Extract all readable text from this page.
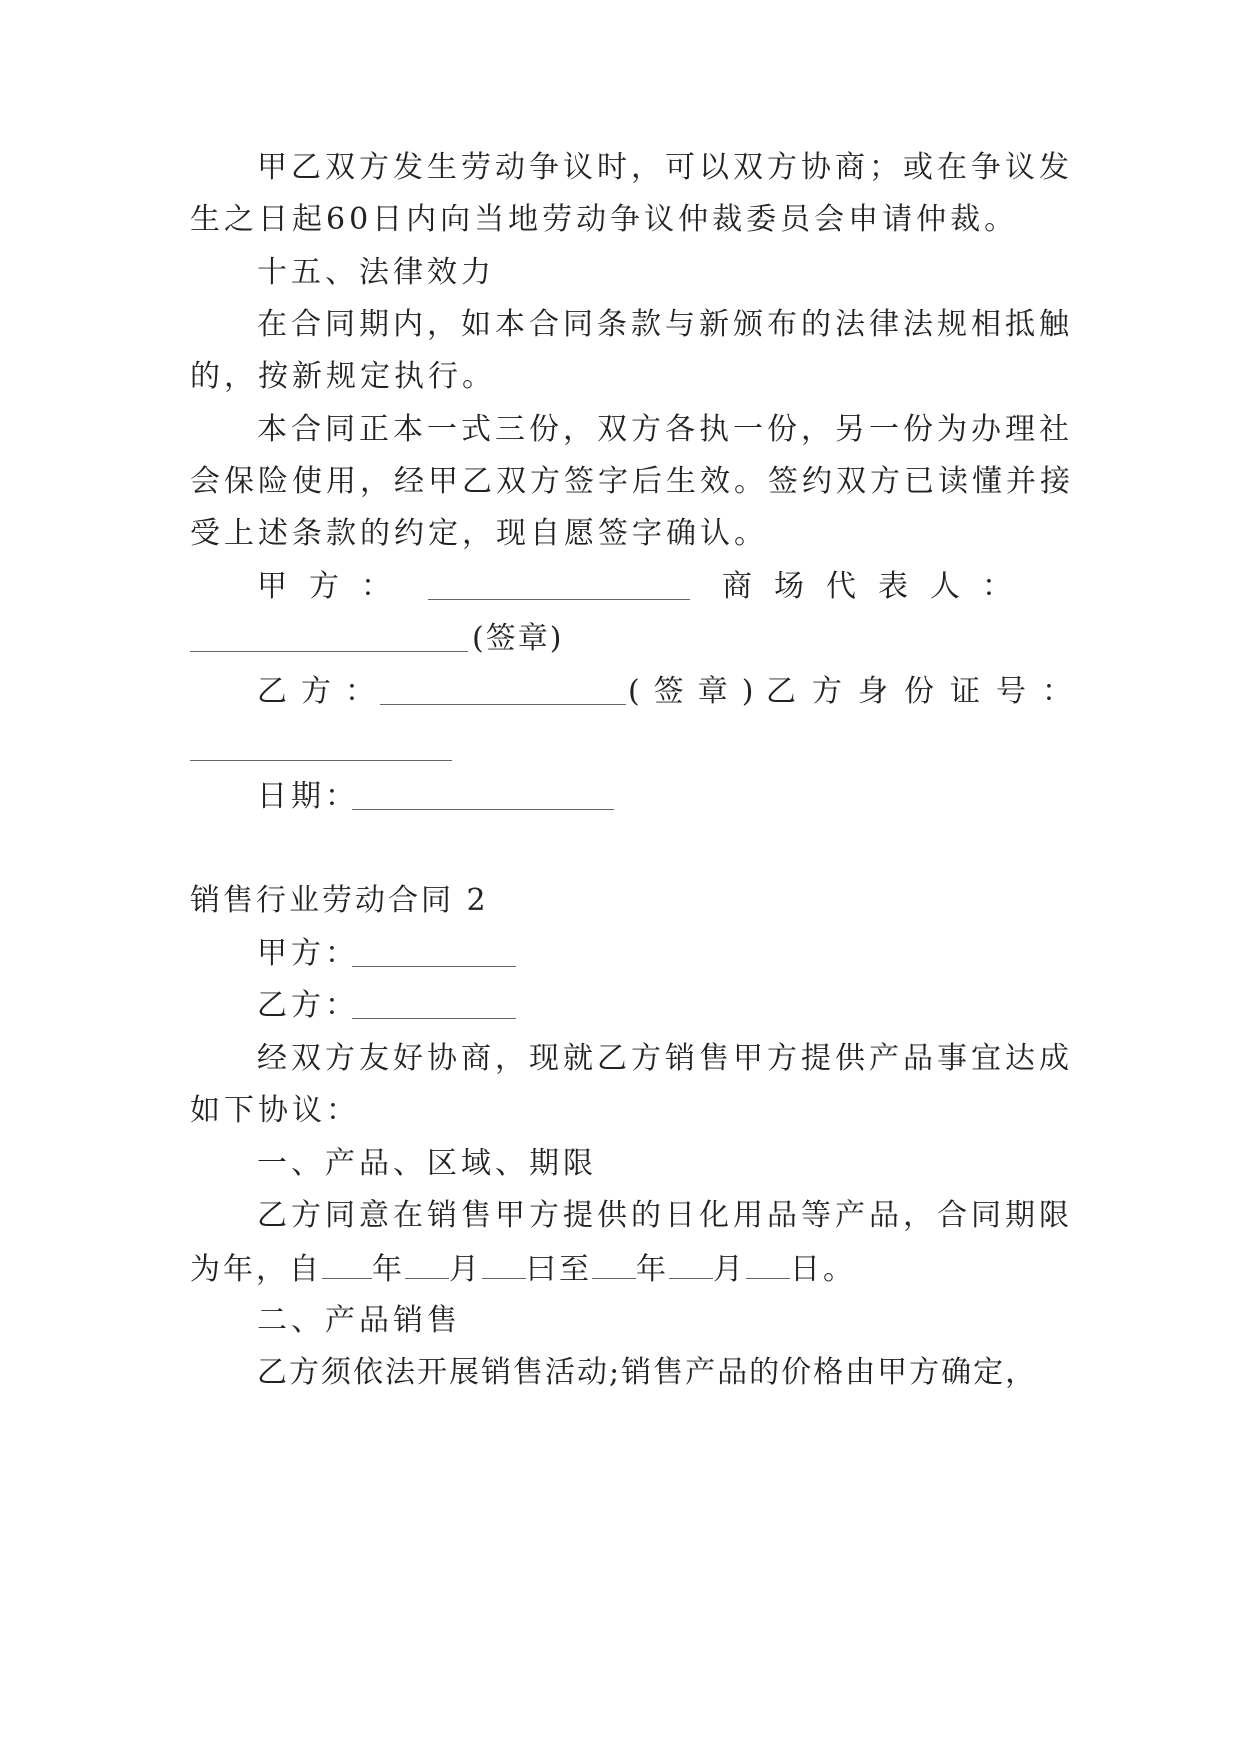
甲乙双方发生劳动争议时，可以双方协商；或在争议发
生之日起60日内向当地劳动争议仲裁委员会申请仲裁。
十五、法律效力
在合同期内，如本合同条款与新颁布的法律法规相抵触
的，按新规定执行。
本合同正本一式三份，双方各执一份，另一份为办理社
会保险使用，经甲乙双方签字后生效。签约双方已读懂并接
受上述条款的约定，现自愿签字确认。
甲方：	商场代表人：
(签章)
乙方：	(签章)
乙方身份证号：
日期：
销售行业劳动合同 2
甲方：
乙方：
经双方友好协商，现就乙方销售甲方提供产品事宜达成
如下协议：
一、产品、区域、期限
乙方同意在销售甲方提供的日化用品等产品，合同期限
为年，自 年 月 曰至 年 月 日。
二、产品销售
乙方须依法开展销售活动;销售产品的价格由甲方确定，
